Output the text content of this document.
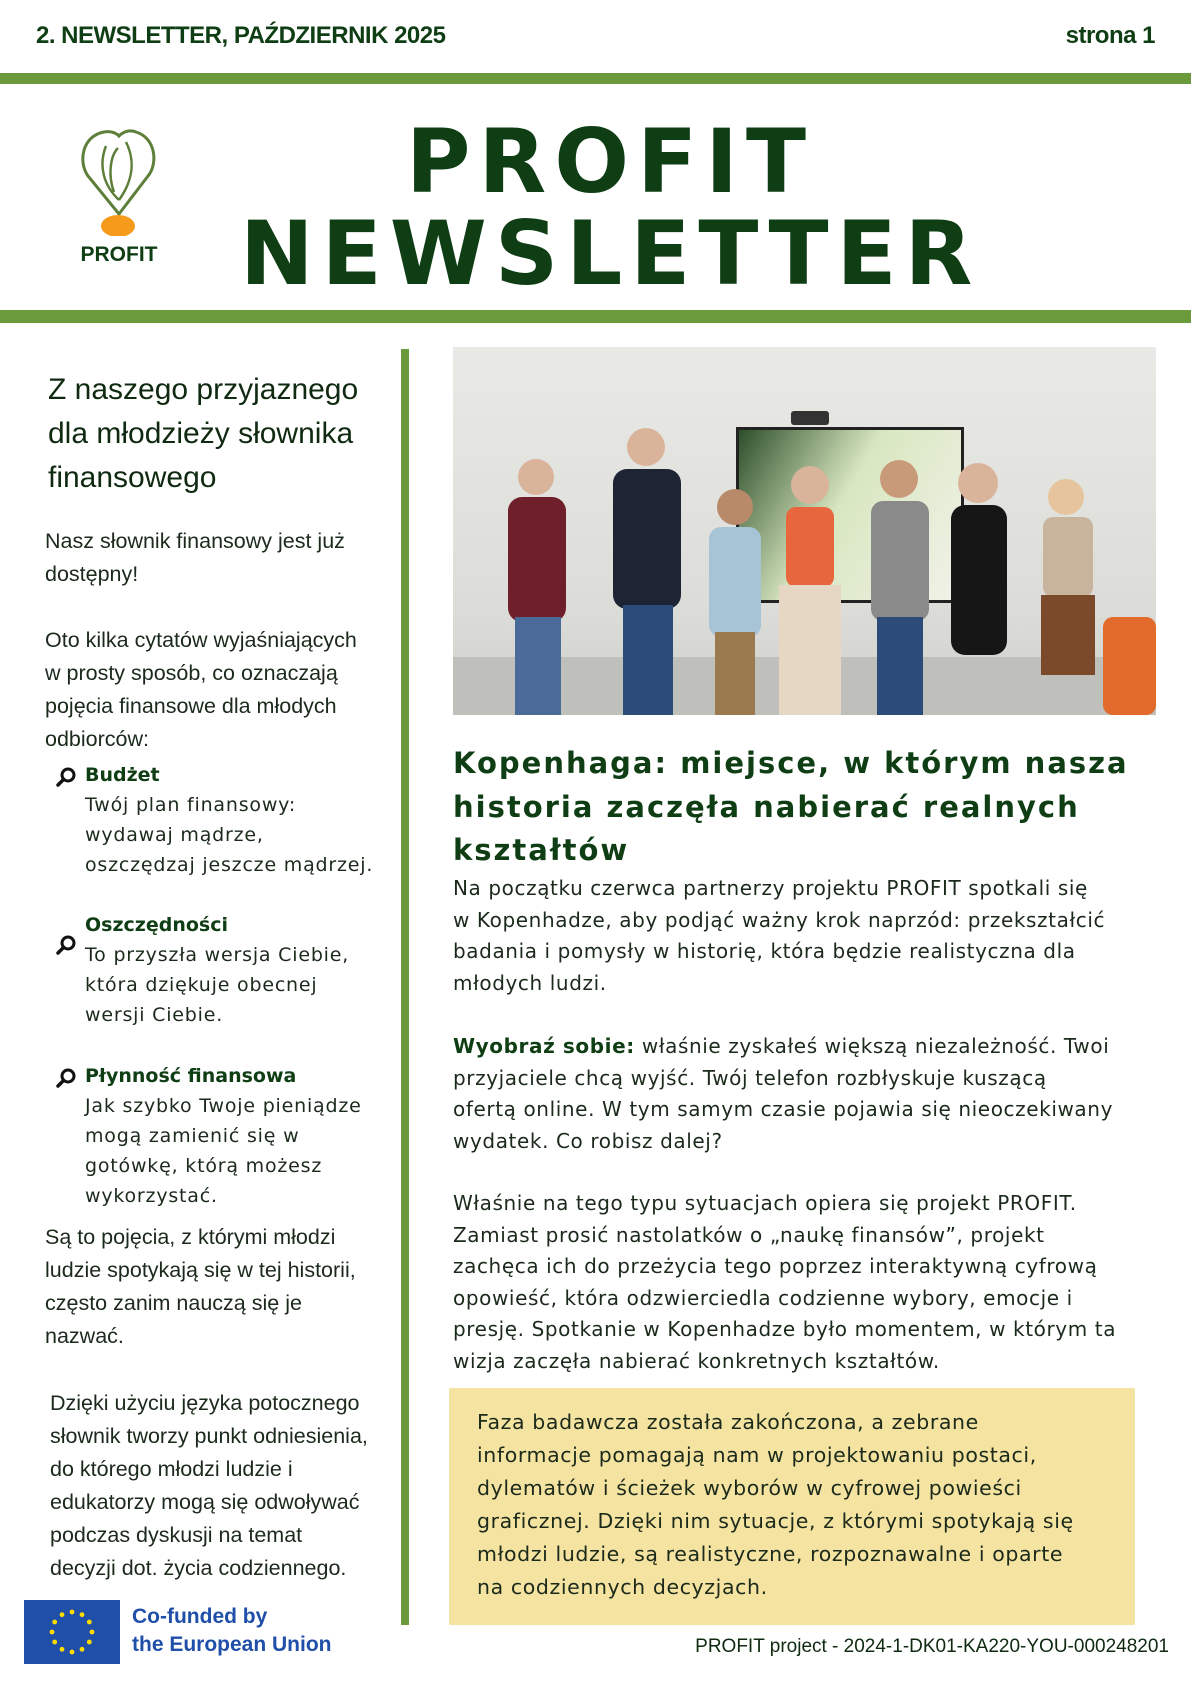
2. NEWSLETTER, PAŹDZIERNIK 2025	strona 1
PROFIT
PROFIT
NEWSLETTER
Z naszego przyjaznego
dla młodzieży słownika
finansowego
Nasz słownik finansowy jest już
dostępny!
Oto kilka cytatów wyjaśniających
w prosty sposób, co oznaczają
pojęcia finansowe dla młodych
odbiorców:
Budżet
Twój plan finansowy:
wydawaj mądrze,
oszczędzaj jeszcze mądrzej.
Oszczędności
To przyszła wersja Ciebie,
która dziękuje obecnej
wersji Ciebie.
Płynność finansowa
Jak szybko Twoje pieniądze
mogą zamienić się w
gotówkę, którą możesz
wykorzystać.
Są to pojęcia, z którymi młodzi
ludzie spotykają się w tej historii,
często zanim nauczą się je
nazwać.
Dzięki użyciu języka potocznego
słownik tworzy punkt odniesienia,
do którego młodzi ludzie i
edukatorzy mogą się odwoływać
podczas dyskusji na temat
decyzji dot. życia codziennego.
Kopenhaga: miejsce, w którym nasza
historia zaczęła nabierać realnych
kształtów
Na początku czerwca partnerzy projektu PROFIT spotkali się
w Kopenhadze, aby podjąć ważny krok naprzód: przekształcić
badania i pomysły w historię, która będzie realistyczna dla
młodych ludzi.
Wyobraź sobie: właśnie zyskałeś większą niezależność. Twoi
przyjaciele chcą wyjść. Twój telefon rozbłyskuje kuszącą
ofertą online. W tym samym czasie pojawia się nieoczekiwany
wydatek. Co robisz dalej?
Właśnie na tego typu sytuacjach opiera się projekt PROFIT.
Zamiast prosić nastolatków o „naukę finansów”, projekt
zachęca ich do przeżycia tego poprzez interaktywną cyfrową
opowieść, która odzwierciedla codzienne wybory, emocje i
presję. Spotkanie w Kopenhadze było momentem, w którym ta
wizja zaczęła nabierać konkretnych kształtów.
Faza badawcza została zakończona, a zebrane
informacje pomagają nam w projektowaniu postaci,
dylematów i ścieżek wyborów w cyfrowej powieści
graficznej. Dzięki nim sytuacje, z którymi spotykają się
młodzi ludzie, są realistyczne, rozpoznawalne i oparte
na codziennych decyzjach.
Co-funded by
the European Union	PROFIT project - 2024-1-DK01-KA220-YOU-000248201
